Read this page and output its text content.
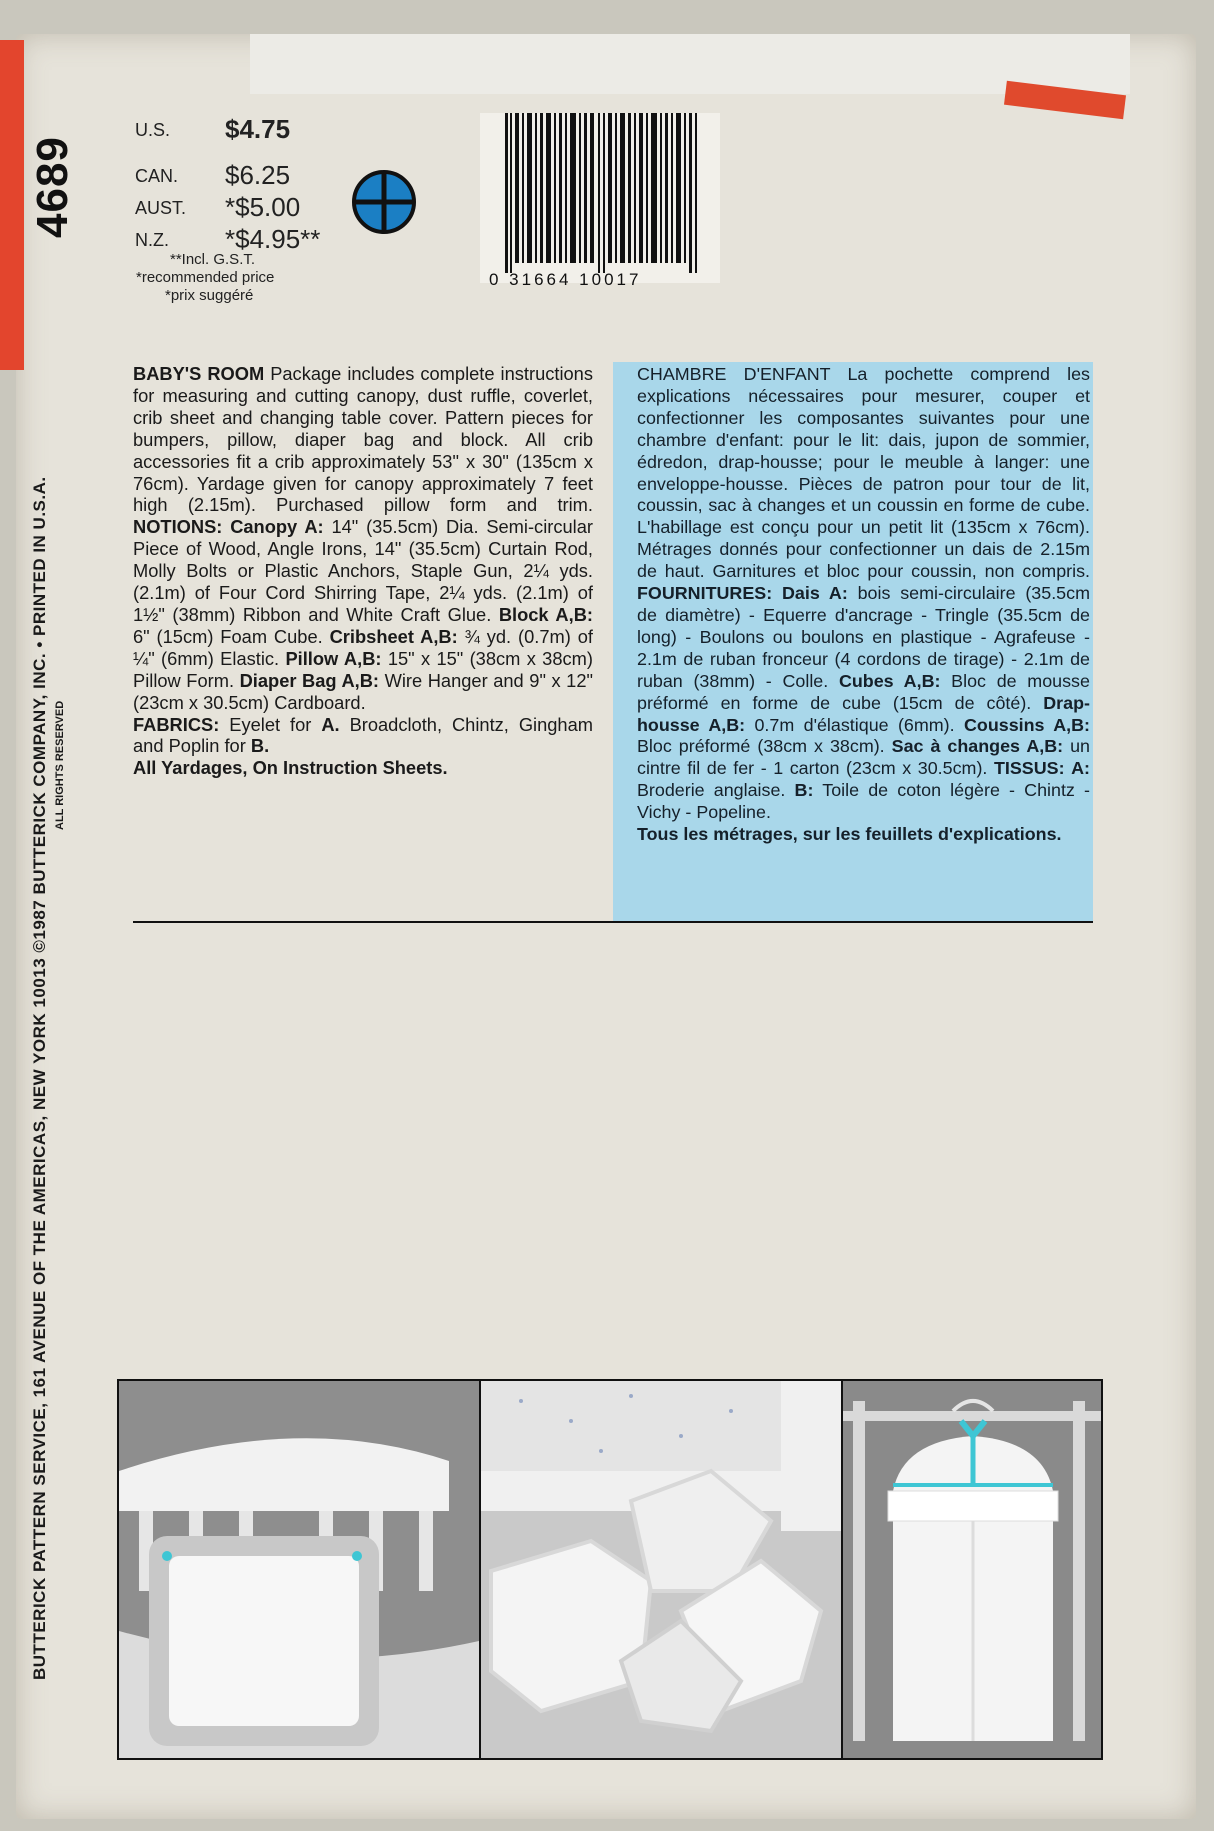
4689
BUTTERICK PATTERN SERVICE, 161 AVENUE OF THE AMERICAS, NEW YORK 10013 ©1987 BUTTERICK COMPANY, INC. • PRINTED IN U.S.A. ALL RIGHTS RESERVED
U.S. $4.75
CAN. $6.25
AUST. *$5.00
N.Z. *$4.95**
**Incl. G.S.T.
*recommended price
*prix suggéré
0 31664 10017

BABY'S ROOM Package includes complete instructions for measuring and cutting canopy, dust ruffle, coverlet, crib sheet and changing table cover. Pattern pieces for bumpers, pillow, diaper bag and block. All crib accessories fit a crib approximately 53" x 30" (135cm x 76cm). Yardage given for canopy approximately 7 feet high (2.15m). Purchased pillow form and trim. NOTIONS: Canopy A: 14" (35.5cm) Dia. Semi-circular Piece of Wood, Angle Irons, 14" (35.5cm) Curtain Rod, Molly Bolts or Plastic Anchors, Staple Gun, 2¼ yds. (2.1m) of Four Cord Shirring Tape, 2¼ yds. (2.1m) of 1½" (38mm) Ribbon and White Craft Glue. Block A,B: 6" (15cm) Foam Cube. Cribsheet A,B: ¾ yd. (0.7m) of ¼" (6mm) Elastic. Pillow A,B: 15" x 15" (38cm x 38cm) Pillow Form. Diaper Bag A,B: Wire Hanger and 9" x 12" (23cm x 30.5cm) Cardboard.

FABRICS: Eyelet for A. Broadcloth, Chintz, Gingham and Poplin for B.

All Yardages, On Instruction Sheets.

CHAMBRE D'ENFANT La pochette comprend les explications nécessaires pour mesurer, couper et confectionner les composantes suivantes pour une chambre d'enfant: pour le lit: dais, jupon de sommier, édredon, drap-housse; pour le meuble à langer: une enveloppe-housse. Pièces de patron pour tour de lit, coussin, sac à changes et un coussin en forme de cube. L'habillage est conçu pour un petit lit (135cm x 76cm). Métrages donnés pour confectionner un dais de 2.15m de haut. Garnitures et bloc pour coussin, non compris. FOURNITURES: Dais A: bois semi-circulaire (35.5cm de diamètre) - Equerre d'ancrage - Tringle (35.5cm de long) - Boulons ou boulons en plastique - Agrafeuse - 2.1m de ruban fronceur (4 cordons de tirage) - 2.1m de ruban (38mm) - Colle. Cubes A,B: Bloc de mousse préformé en forme de cube (15cm de côté). Drap-housse A,B: 0.7m d'élastique (6mm). Coussins A,B: Bloc préformé (38cm x 38cm). Sac à changes A,B: un cintre fil de fer - 1 carton (23cm x 30.5cm). TISSUS: A: Broderie anglaise. B: Toile de coton légère - Chintz - Vichy - Popeline.

Tous les métrages, sur les feuillets d'explications.
